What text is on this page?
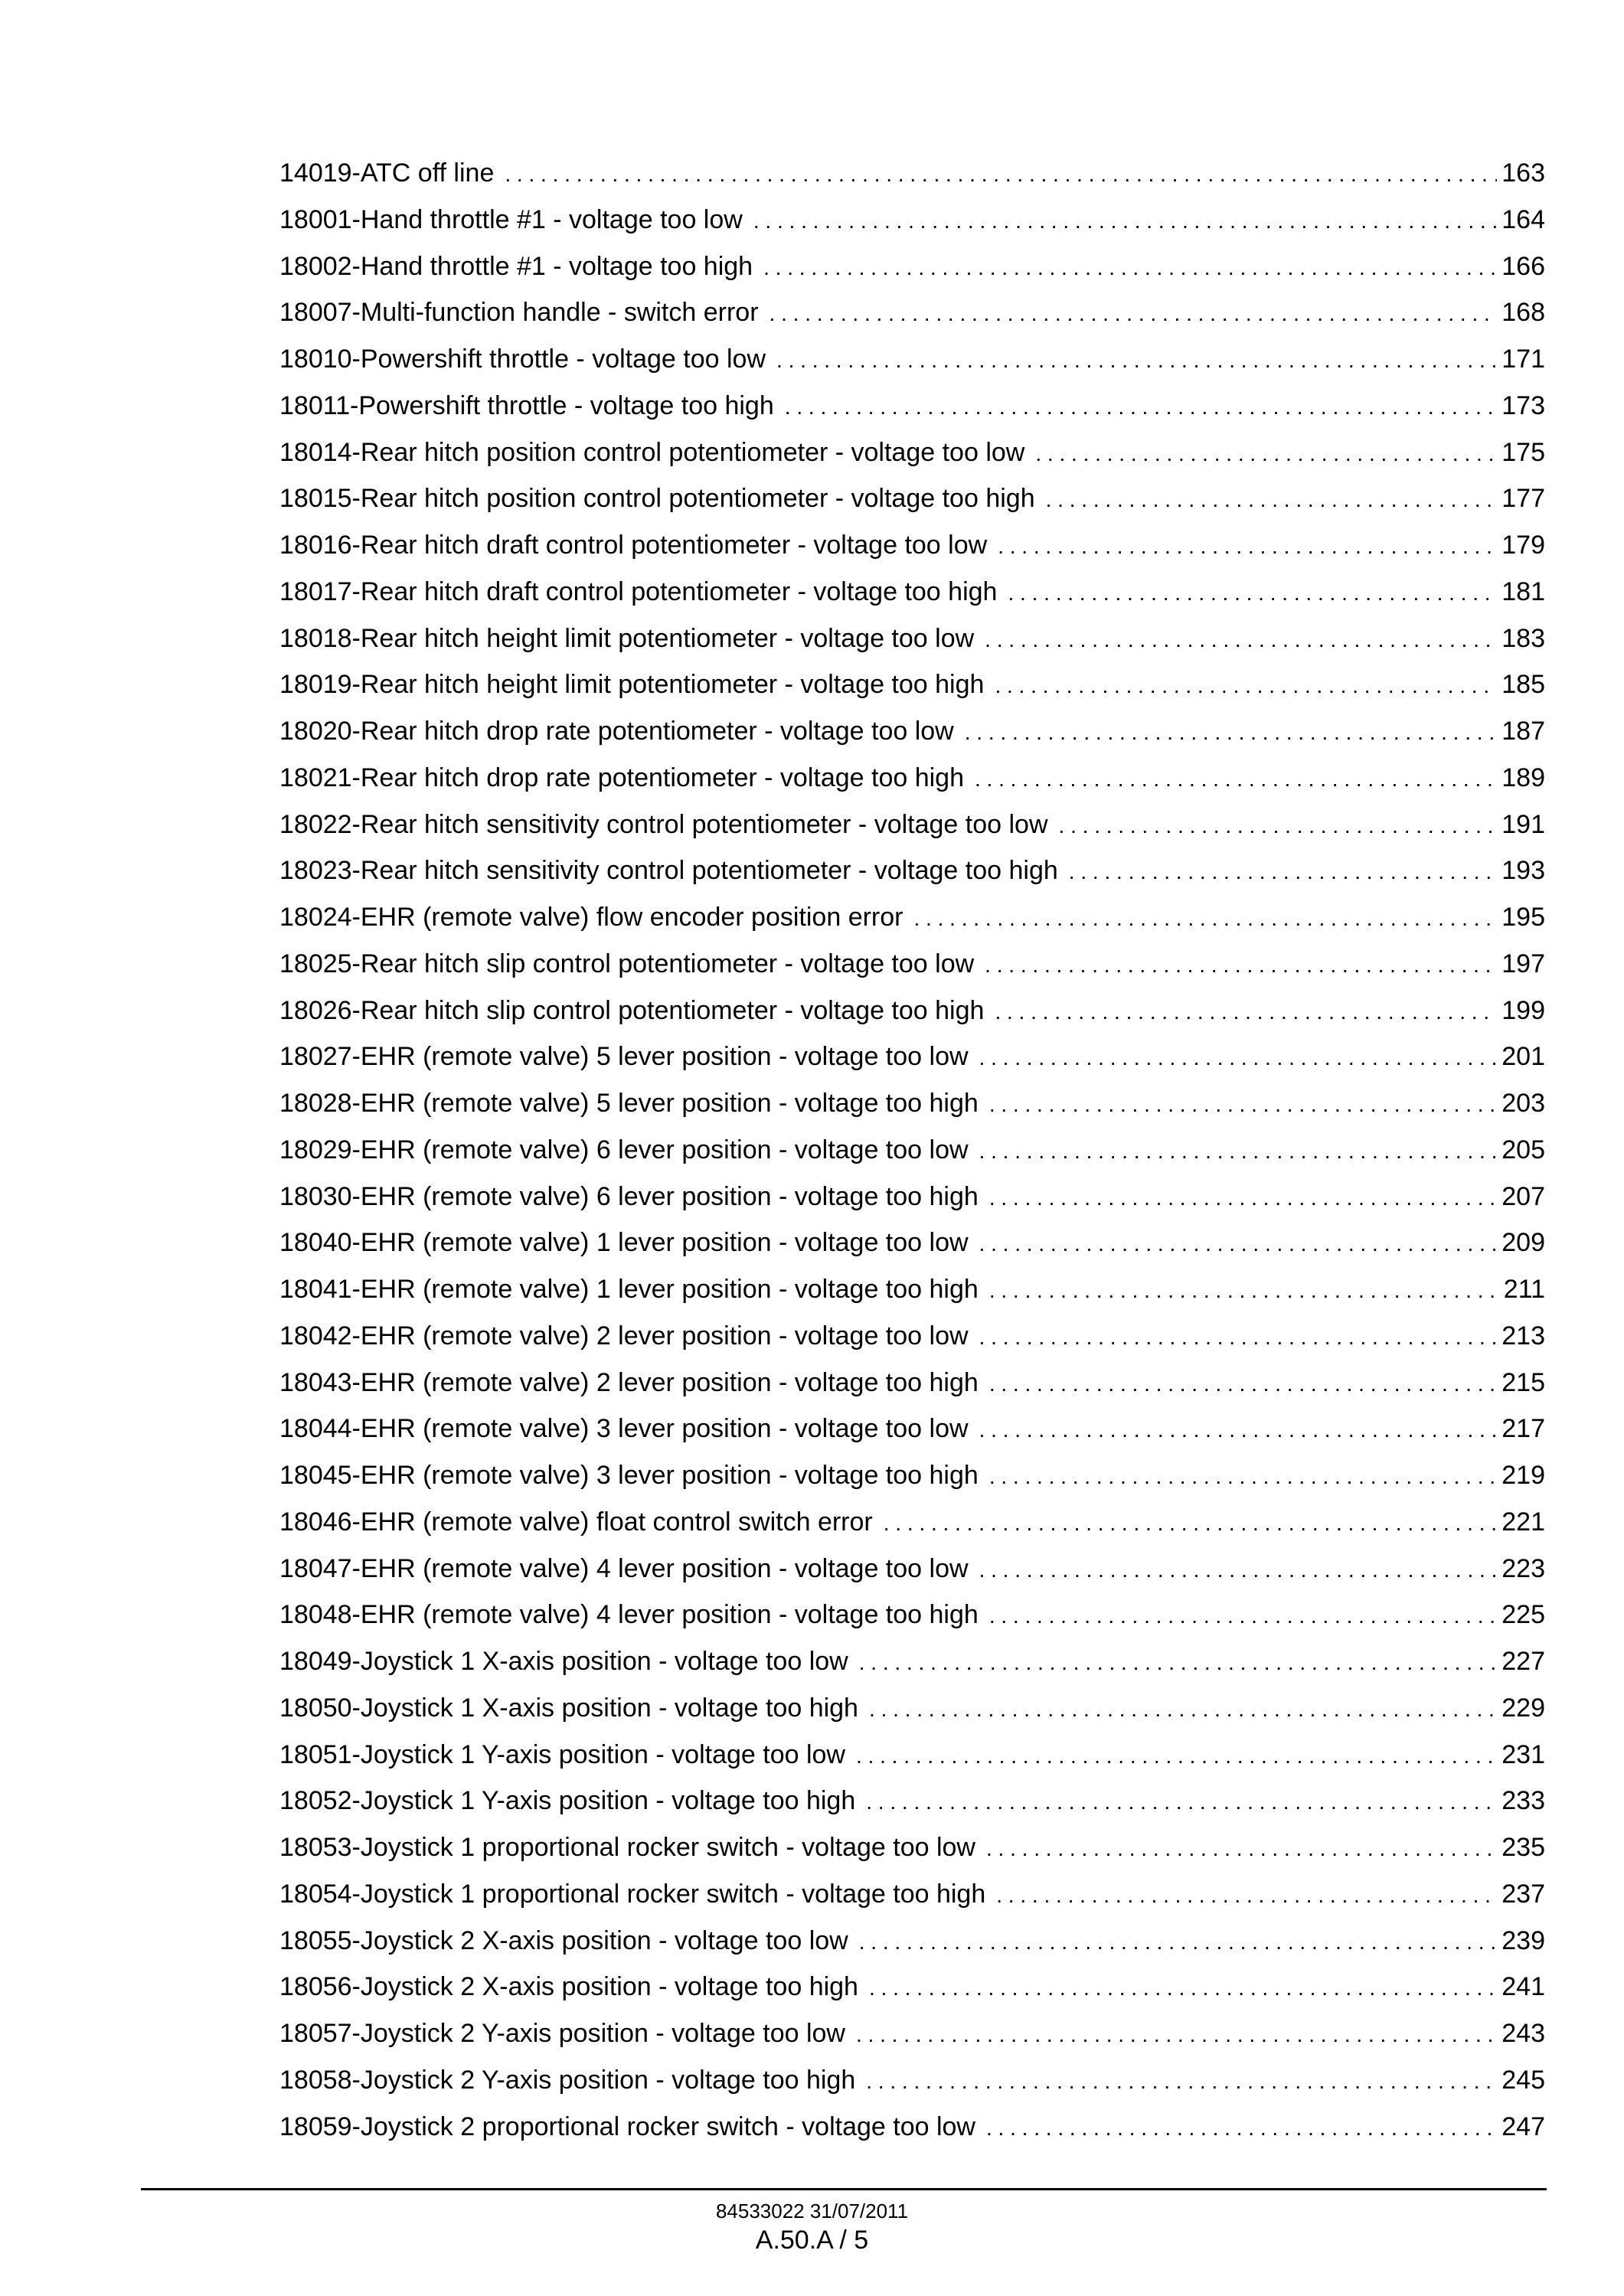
14019-ATC off line . . .	163
18001-Hand throttle #1 - voltage too low . . .	164
18002-Hand throttle #1 - voltage too high . . .	166
18007-Multi-function handle - switch error . . .	168
18010-Powershift throttle - voltage too low . . .	171
18011-Powershift throttle - voltage too high . . .	173
18014-Rear hitch position control potentiometer - voltage too low . . .	175
18015-Rear hitch position control potentiometer - voltage too high . . .	177
18016-Rear hitch draft control potentiometer - voltage too low . . .	179
18017-Rear hitch draft control potentiometer - voltage too high . . .	181
18018-Rear hitch height limit potentiometer - voltage too low . . .	183
18019-Rear hitch height limit potentiometer - voltage too high . . .	185
18020-Rear hitch drop rate potentiometer - voltage too low . . .	187
18021-Rear hitch drop rate potentiometer - voltage too high . . .	189
18022-Rear hitch sensitivity control potentiometer - voltage too low . . .	191
18023-Rear hitch sensitivity control potentiometer - voltage too high . . .	193
18024-EHR (remote valve) flow encoder position error . . .	195
18025-Rear hitch slip control potentiometer - voltage too low . . .	197
18026-Rear hitch slip control potentiometer - voltage too high . . .	199
18027-EHR (remote valve) 5 lever position - voltage too low . . .	201
18028-EHR (remote valve) 5 lever position - voltage too high . . .	203
18029-EHR (remote valve) 6 lever position - voltage too low . . .	205
18030-EHR (remote valve) 6 lever position - voltage too high . . .	207
18040-EHR (remote valve) 1 lever position - voltage too low . . .	209
18041-EHR (remote valve) 1 lever position - voltage too high . . .	211
18042-EHR (remote valve) 2 lever position - voltage too low . . .	213
18043-EHR (remote valve) 2 lever position - voltage too high . . .	215
18044-EHR (remote valve) 3 lever position - voltage too low . . .	217
18045-EHR (remote valve) 3 lever position - voltage too high . . .	219
18046-EHR (remote valve) float control switch error . . .	221
18047-EHR (remote valve) 4 lever position - voltage too low . . .	223
18048-EHR (remote valve) 4 lever position - voltage too high . . .	225
18049-Joystick 1 X-axis position - voltage too low . . .	227
18050-Joystick 1 X-axis position - voltage too high . . .	229
18051-Joystick 1 Y-axis position - voltage too low . . .	231
18052-Joystick 1 Y-axis position - voltage too high . . .	233
18053-Joystick 1 proportional rocker switch - voltage too low . . .	235
18054-Joystick 1 proportional rocker switch - voltage too high . . .	237
18055-Joystick 2 X-axis position - voltage too low . . .	239
18056-Joystick 2 X-axis position - voltage too high . . .	241
18057-Joystick 2 Y-axis position - voltage too low . . .	243
18058-Joystick 2 Y-axis position - voltage too high . . .	245
18059-Joystick 2 proportional rocker switch - voltage too low . . .	247
84533022 31/07/2011
A.50.A / 5
